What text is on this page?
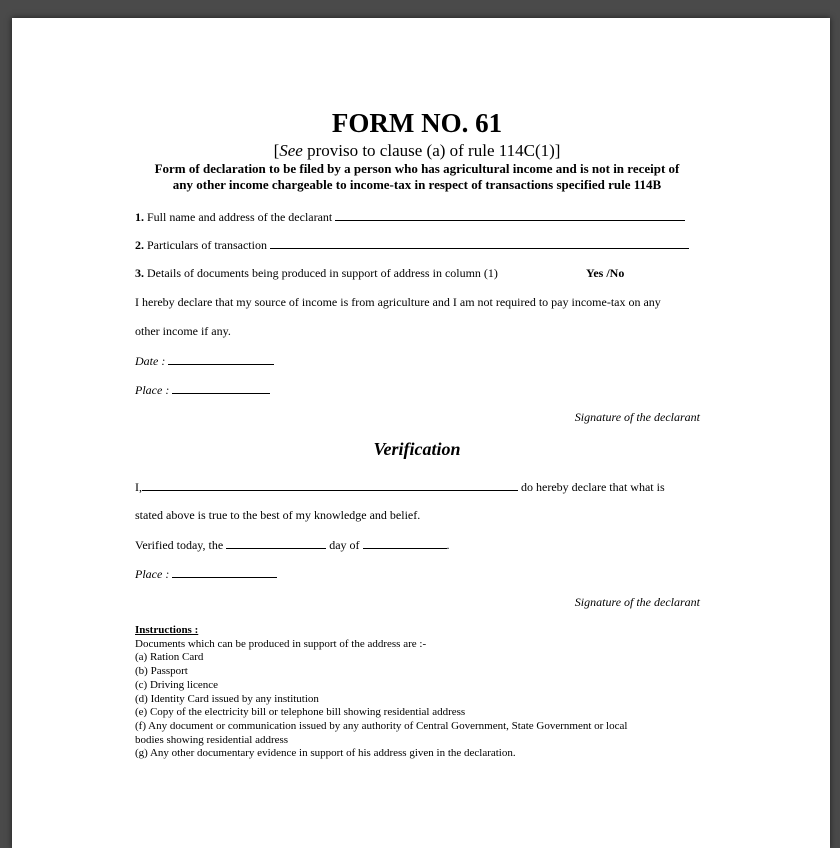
FORM NO. 61
[See proviso to clause (a) of rule 114C(1)]
Form of declaration to be filed by a person who has agricultural income and is not in receipt of
any other income chargeable to income-tax in respect of transactions specified rule 114B
1. Full name and address of the declarant
2. Particulars of transaction
3. Details of documents being produced in support of address in column (1)	Yes /No
I hereby declare that my source of income is from agriculture and I am not required to pay income-tax on any
other income if any.
Date :
Place :
Signature of the declarant
Verification
I,	do hereby declare that what is
stated above is true to the best of my knowledge and belief.
Verified today, the	day of	.
Place :
Signature of the declarant
Instructions :
Documents which can be produced in support of the address are :-
(a) Ration Card
(b) Passport
(c) Driving licence
(d) Identity Card issued by any institution
(e) Copy of the electricity bill or telephone bill showing residential address
(f) Any document or communication issued by any authority of Central Government, State Government or local
bodies showing residential address
(g) Any other documentary evidence in support of his address given in the declaration.
